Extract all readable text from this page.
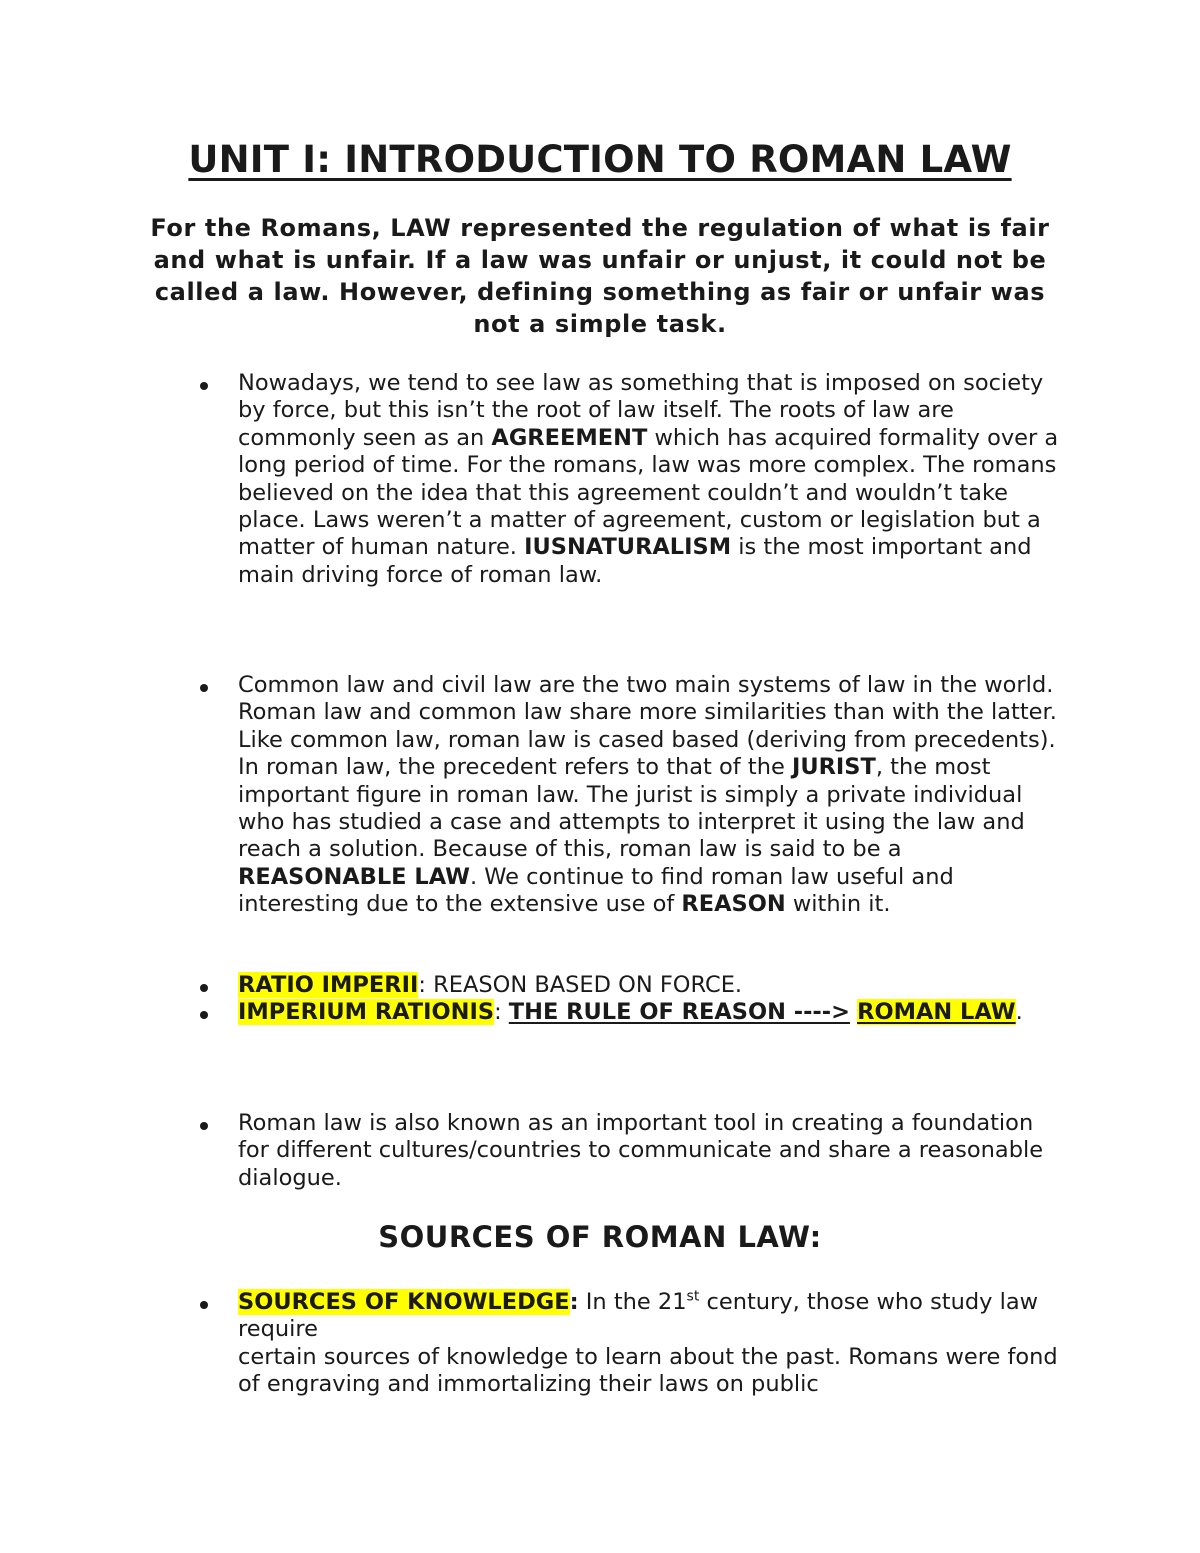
UNIT I: INTRODUCTION TO ROMAN LAW

For the Romans, LAW represented the regulation of what is fair and what is unfair. If a law was unfair or unjust, it could not be called a law. However, defining something as fair or unfair was not a simple task.

Nowadays, we tend to see law as something that is imposed on society by force, but this isn’t the root of law itself. The roots of law are commonly seen as an AGREEMENT which has acquired formality over a long period of time. For the romans, law was more complex. The romans believed on the idea that this agreement couldn’t and wouldn’t take place. Laws weren’t a matter of agreement, custom or legislation but a matter of human nature. IUSNATURALISM is the most important and main driving force of roman law.
Common law and civil law are the two main systems of law in the world. Roman law and common law share more similarities than with the latter. Like common law, roman law is cased based (deriving from precedents). In roman law, the precedent refers to that of the JURIST, the most important figure in roman law. The jurist is simply a private individual who has studied a case and attempts to interpret it using the law and reach a solution. Because of this, roman law is said to be a REASONABLE LAW. We continue to find roman law useful and interesting due to the extensive use of REASON within it.
RATIO IMPERII: REASON BASED ON FORCE.
IMPERIUM RATIONIS: THE RULE OF REASON ----> ROMAN LAW.
Roman law is also known as an important tool in creating a foundation for different cultures/countries to communicate and share a reasonable dialogue.
SOURCES OF ROMAN LAW:
SOURCES OF KNOWLEDGE: In the 21st century, those who study law require
certain sources of knowledge to learn about the past. Romans were fond of engraving and immortalizing their laws on public
